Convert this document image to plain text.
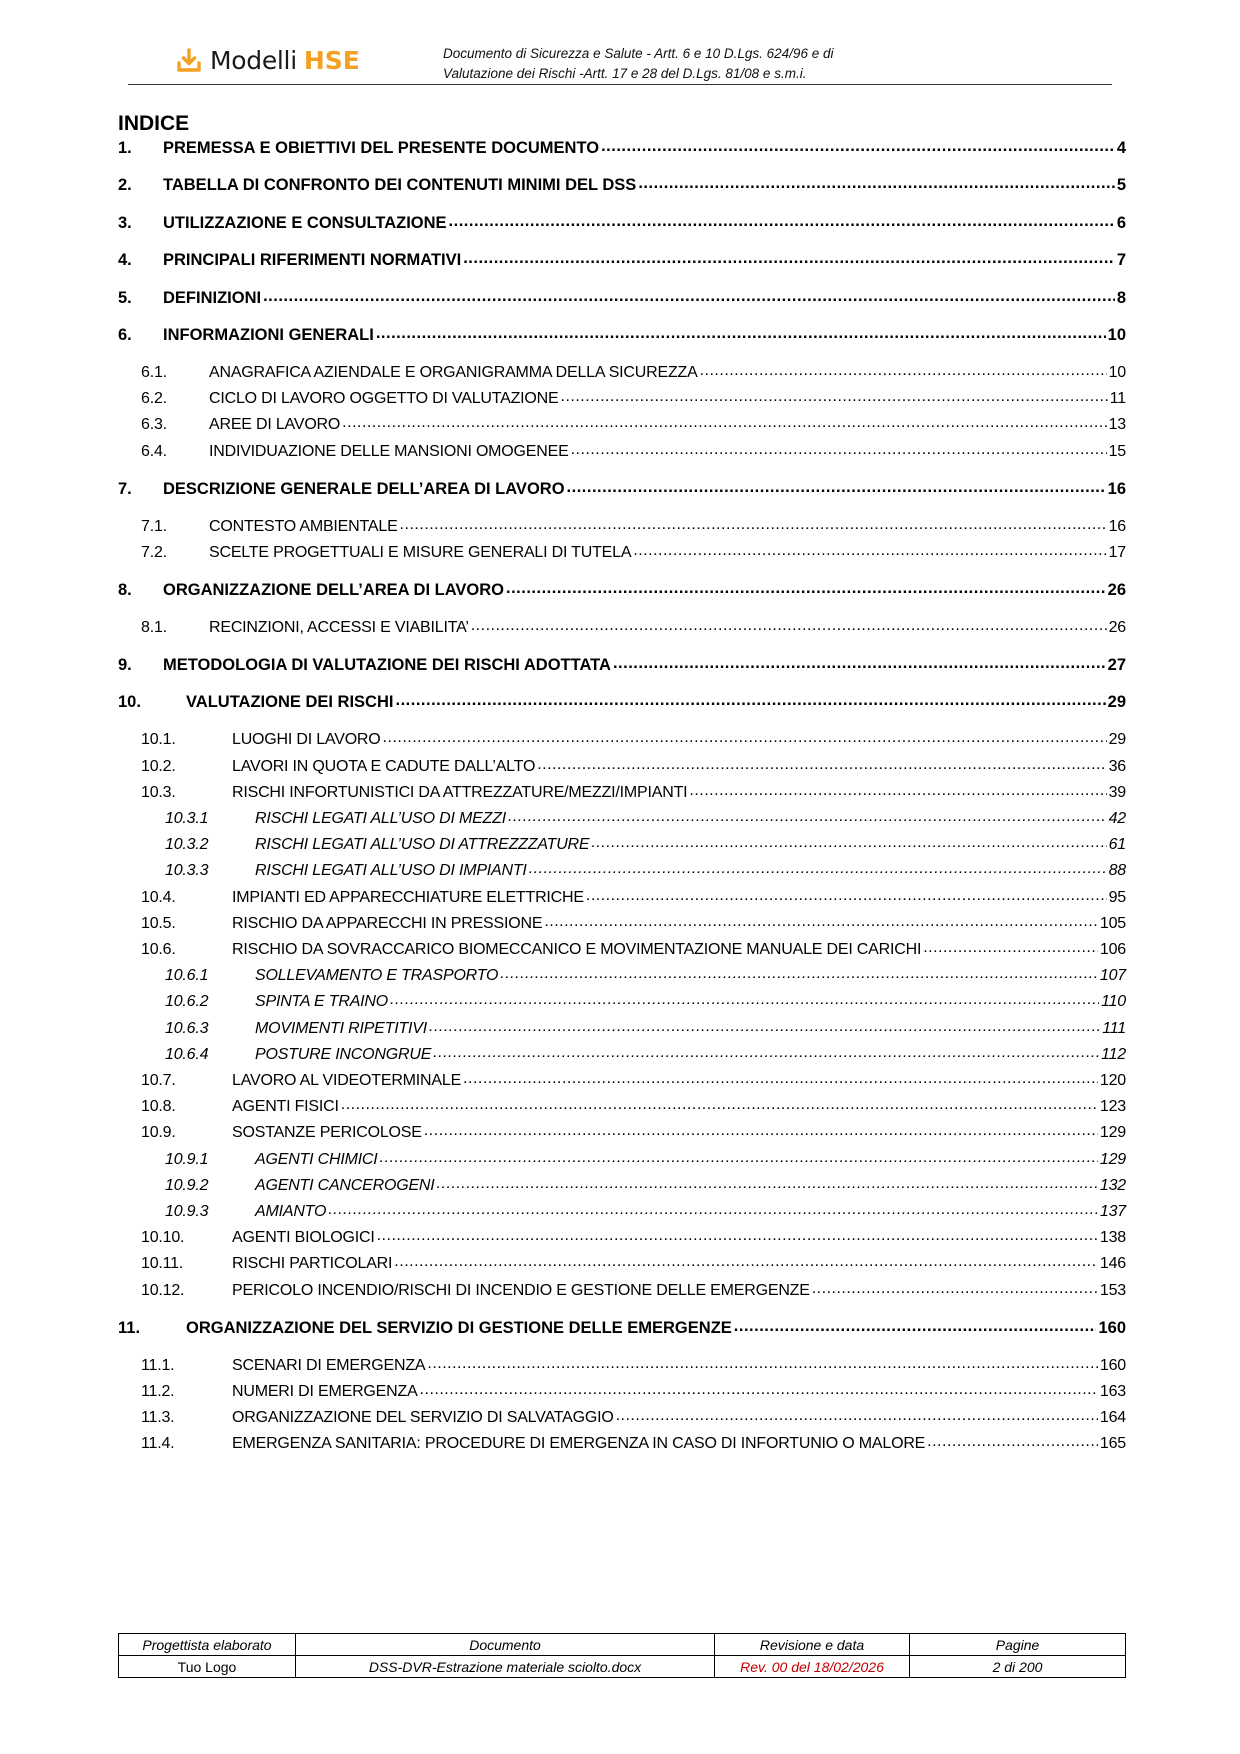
Modelli HSE	Documento di Sicurezza e Salute - Artt. 6 e 10 D.Lgs. 624/96 e di
Valutazione dei Rischi -Artt. 17 e 28 del D.Lgs. 81/08 e s.m.i.
INDICE
1.	PREMESSA E OBIETTIVI DEL PRESENTE DOCUMENTO .....	4
2.	TABELLA DI CONFRONTO DEI CONTENUTI MINIMI DEL DSS .....	5
3.	UTILIZZAZIONE E CONSULTAZIONE .....	6
4.	PRINCIPALI RIFERIMENTI NORMATIVI .....	7
5.	DEFINIZIONI .....	8
6.	INFORMAZIONI GENERALI .....	10
6.1.	ANAGRAFICA AZIENDALE E ORGANIGRAMMA DELLA SICUREZZA .....	10
6.2.	CICLO DI LAVORO OGGETTO DI VALUTAZIONE .....	11
6.3.	AREE DI LAVORO .....	13
6.4.	INDIVIDUAZIONE DELLE MANSIONI OMOGENEE .....	15
7.	DESCRIZIONE GENERALE DELL’AREA DI LAVORO .....	16
7.1.	CONTESTO AMBIENTALE .....	16
7.2.	SCELTE PROGETTUALI E MISURE GENERALI DI TUTELA .....	17
8.	ORGANIZZAZIONE DELL’AREA DI LAVORO .....	26
8.1.	RECINZIONI, ACCESSI E VIABILITA’ .....	26
9.	METODOLOGIA DI VALUTAZIONE DEI RISCHI ADOTTATA .....	27
10.	VALUTAZIONE DEI RISCHI .....	29
10.1.	LUOGHI DI LAVORO .....	29
10.2.	LAVORI IN QUOTA E CADUTE DALL’ALTO .....	36
10.3.	RISCHI INFORTUNISTICI DA ATTREZZATURE/MEZZI/IMPIANTI .....	39
10.3.1	RISCHI LEGATI ALL’USO DI MEZZI .....	42
10.3.2	RISCHI LEGATI ALL’USO DI ATTREZZZATURE .....	61
10.3.3	RISCHI LEGATI ALL’USO DI IMPIANTI .....	88
10.4.	IMPIANTI ED APPARECCHIATURE ELETTRICHE .....	95
10.5.	RISCHIO DA APPARECCHI IN PRESSIONE .....	105
10.6.	RISCHIO DA SOVRACCARICO BIOMECCANICO E MOVIMENTAZIONE MANUALE DEI CARICHI .....	106
10.6.1	SOLLEVAMENTO E TRASPORTO .....	107
10.6.2	SPINTA E TRAINO .....	110
10.6.3	MOVIMENTI RIPETITIVI .....	111
10.6.4	POSTURE INCONGRUE .....	112
10.7.	LAVORO AL VIDEOTERMINALE .....	120
10.8.	AGENTI FISICI .....	123
10.9.	SOSTANZE PERICOLOSE .....	129
10.9.1	AGENTI CHIMICI .....	129
10.9.2	AGENTI CANCEROGENI .....	132
10.9.3	AMIANTO .....	137
10.10.	AGENTI BIOLOGICI .....	138
10.11.	RISCHI PARTICOLARI .....	146
10.12.	PERICOLO INCENDIO/RISCHI DI INCENDIO E GESTIONE DELLE EMERGENZE .....	153
11.	ORGANIZZAZIONE DEL SERVIZIO DI GESTIONE DELLE EMERGENZE .....	160
11.1.	SCENARI DI EMERGENZA .....	160
11.2.	NUMERI DI EMERGENZA .....	163
11.3.	ORGANIZZAZIONE DEL SERVIZIO DI SALVATAGGIO .....	164
11.4.	EMERGENZA SANITARIA: PROCEDURE DI EMERGENZA IN CASO DI INFORTUNIO O MALORE .....	165
Progettista elaborato	Documento	Revisione e data	Pagine
Tuo Logo	DSS-DVR-Estrazione materiale sciolto.docx	Rev. 00 del 18/02/2026	2 di 200
